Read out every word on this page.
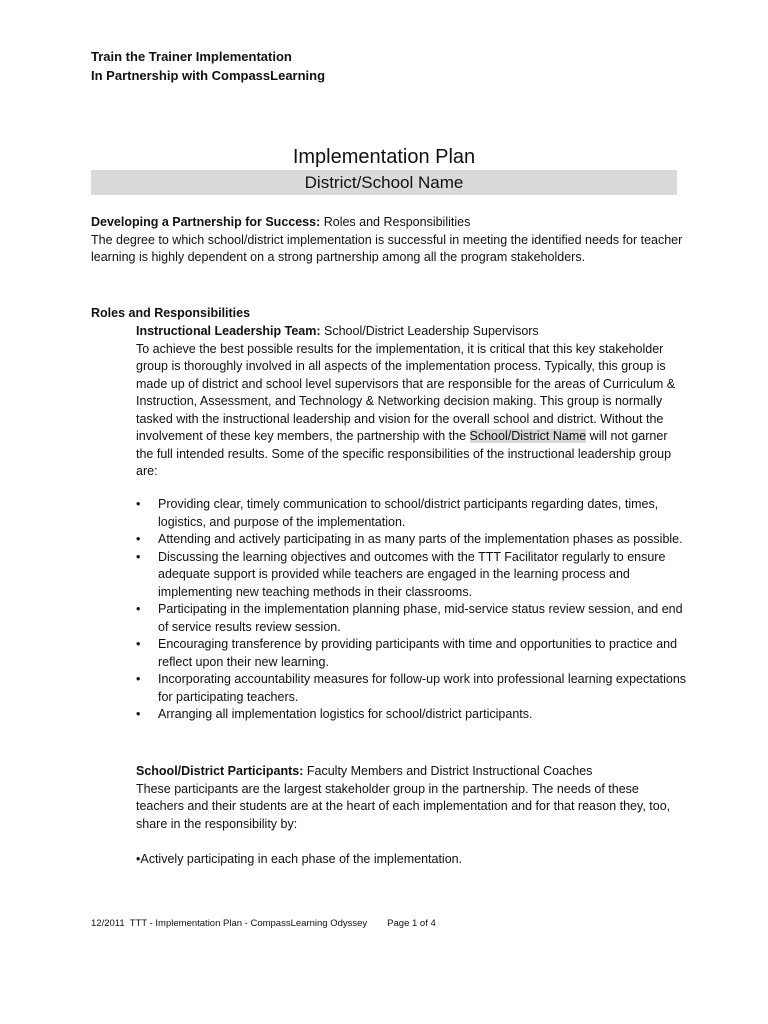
Train the Trainer Implementation
In Partnership with CompassLearning
Implementation Plan
District/School Name
Developing a Partnership for Success: Roles and Responsibilities
The degree to which school/district implementation is successful in meeting the identified needs for teacher learning is highly dependent on a strong partnership among all the program stakeholders.
Roles and Responsibilities
Instructional Leadership Team: School/District Leadership Supervisors
To achieve the best possible results for the implementation, it is critical that this key stakeholder group is thoroughly involved in all aspects of the implementation process. Typically, this group is made up of district and school level supervisors that are responsible for the areas of Curriculum & Instruction, Assessment, and Technology & Networking decision making. This group is normally tasked with the instructional leadership and vision for the overall school and district. Without the involvement of these key members, the partnership with the School/District Name will not garner the full intended results. Some of the specific responsibilities of the instructional leadership group are:
• Providing clear, timely communication to school/district participants regarding dates, times, logistics, and purpose of the implementation.
• Attending and actively participating in as many parts of the implementation phases as possible.
• Discussing the learning objectives and outcomes with the TTT Facilitator regularly to ensure adequate support is provided while teachers are engaged in the learning process and implementing new teaching methods in their classrooms.
• Participating in the implementation planning phase, mid-service status review session, and end of service results review session.
• Encouraging transference by providing participants with time and opportunities to practice and reflect upon their new learning.
• Incorporating accountability measures for follow-up work into professional learning expectations for participating teachers.
• Arranging all implementation logistics for school/district participants.
School/District Participants: Faculty Members and District Instructional Coaches
These participants are the largest stakeholder group in the partnership. The needs of these teachers and their students are at the heart of each implementation and for that reason they, too, share in the responsibility by:
•Actively participating in each phase of the implementation.
12/2011  TTT - Implementation Plan - CompassLearning Odyssey Page 1 of 4
